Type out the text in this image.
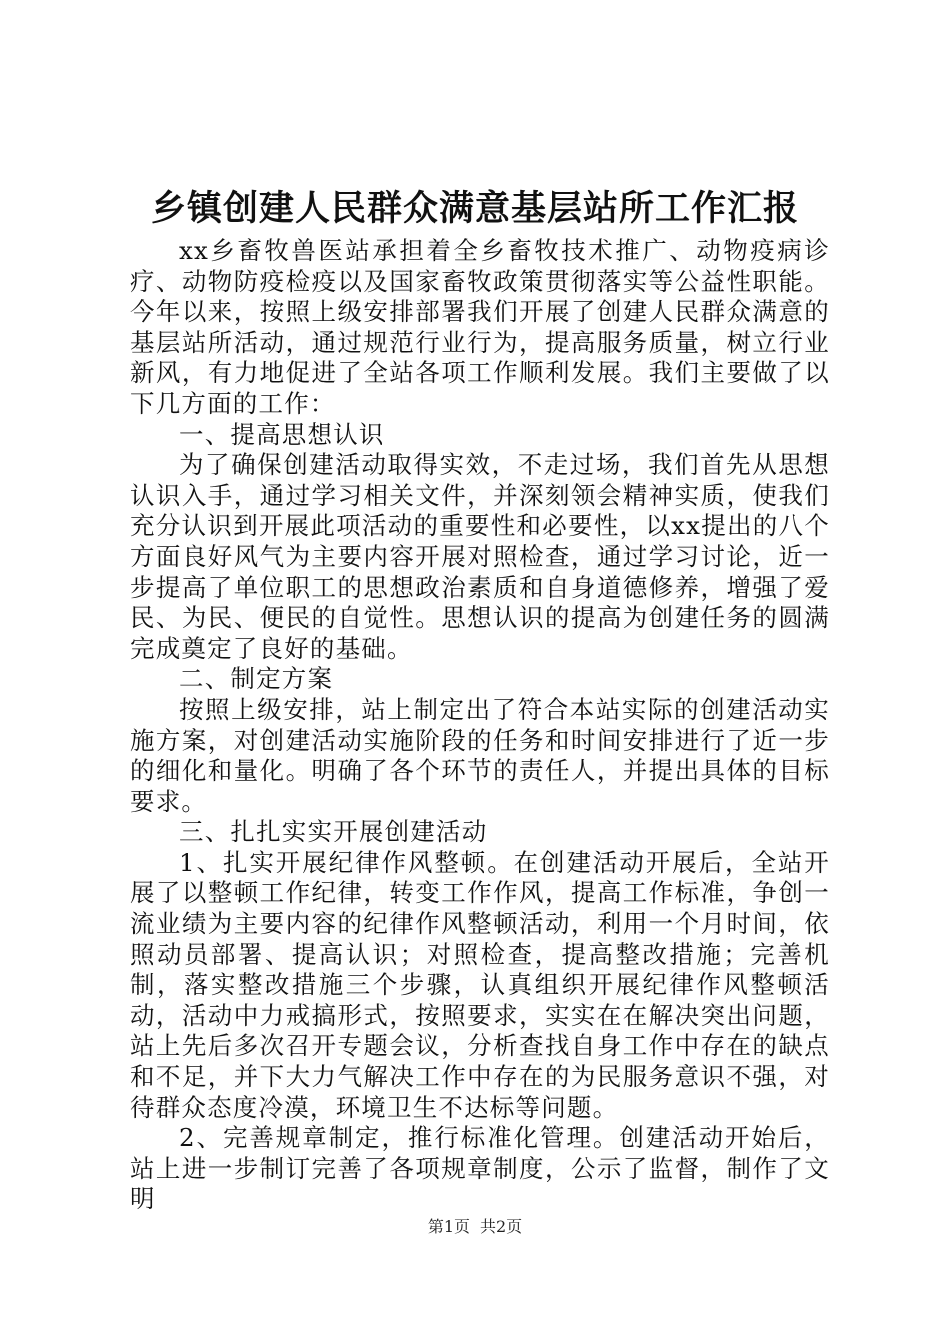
乡镇创建人民群众满意基层站所工作汇报

xx乡畜牧兽医站承担着全乡畜牧技术推广、动物疫病诊疗、动物防疫检疫以及国家畜牧政策贯彻落实等公益性职能。今年以来，按照上级安排部署我们开展了创建人民群众满意的基层站所活动，通过规范行业行为，提高服务质量，树立行业新风，有力地促进了全站各项工作顺利发展。我们主要做了以下几方面的工作：

一、提高思想认识

为了确保创建活动取得实效，不走过场，我们首先从思想认识入手，通过学习相关文件，并深刻领会精神实质，使我们充分认识到开展此项活动的重要性和必要性，以xx提出的八个方面良好风气为主要内容开展对照检查，通过学习讨论，近一步提高了单位职工的思想政治素质和自身道德修养，增强了爱民、为民、便民的自觉性。思想认识的提高为创建任务的圆满完成奠定了良好的基础。

二、制定方案

按照上级安排，站上制定出了符合本站实际的创建活动实施方案，对创建活动实施阶段的任务和时间安排进行了近一步的细化和量化。明确了各个环节的责任人，并提出具体的目标要求。

三、扎扎实实开展创建活动

1、扎实开展纪律作风整顿。在创建活动开展后，全站开展了以整顿工作纪律，转变工作作风，提高工作标准，争创一流业绩为主要内容的纪律作风整顿活动，利用一个月时间，依照动员部署、提高认识；对照检查，提高整改措施；完善机制，落实整改措施三个步骤，认真组织开展纪律作风整顿活动，活动中力戒搞形式，按照要求，实实在在解决突出问题，站上先后多次召开专题会议，分析查找自身工作中存在的缺点和不足，并下大力气解决工作中存在的为民服务意识不强，对待群众态度冷漠，环境卫生不达标等问题。

2、完善规章制定，推行标准化管理。创建活动开始后，站上进一步制订完善了各项规章制度，公示了监督，制作了文明

第1页 共2页
